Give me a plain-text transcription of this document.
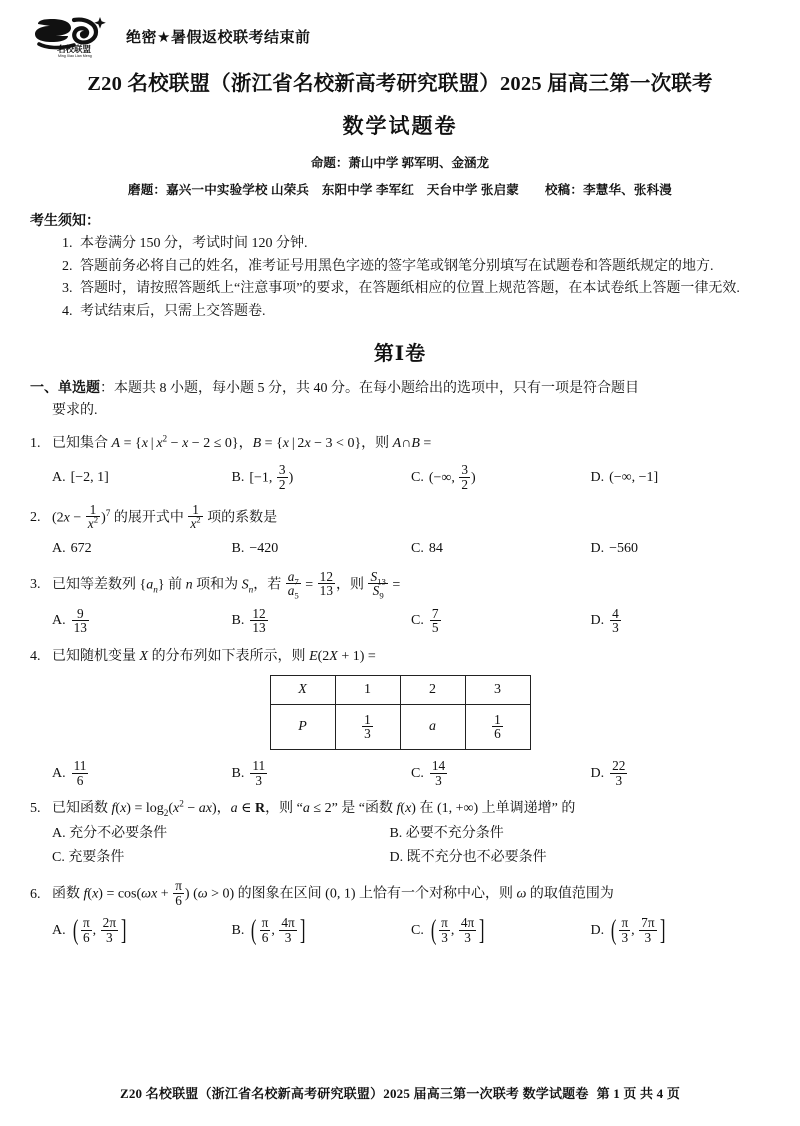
名校联盟
Ming Xiao Lian Meng
绝密★暑假返校联考结束前
Z20 名校联盟（浙江省名校新高考研究联盟）2025 届高三第一次联考
数学试题卷
命题：萧山中学 郭军明、金涵龙
磨题：嘉兴一中实验学校 山荣兵　东阳中学 李军红　天台中学 张启蒙 校稿：李慧华、张科漫
考生须知：
1. 本卷满分 150 分，考试时间 120 分钟.
2. 答题前务必将自己的姓名，准考证号用黑色字迹的签字笔或钢笔分别填写在试题卷和答题纸规定的地方.
3. 答题时，请按照答题纸上“注意事项”的要求，在答题纸相应的位置上规范答题，在本试卷纸上答题一律无效.
4. 考试结束后，只需上交答题卷.
第Ⅰ卷
一、单选题：本题共 8 小题，每小题 5 分，共 40 分。在每小题给出的选项中，只有一项是符合题目
要求的.
1. 已知集合 A = {x | $x^2 - x - 2 \le 0$}，B = {x | 2x − 3 < 0}，则 A∩B =
A. [−2, 1]	B. [−1, $\frac{3}{2}$ )	C. (−∞, $\frac{3}{2}$ )	D. (−∞, −1]
2. $(2x - \frac{1}{x^2} )^7$ 的展开式中 $\frac{1}{x^2}$ 项的系数是
A. 672	B. −420	C. 84	D. −560
3. 已知等差数列 $\{a_n\}$ 前 n 项和为 $S_n$，若 $\frac{a_7}{a_5} = \frac{12}{13}$ ，则 $\frac{S_{13}}{S_9}$ =
A. $\frac{9}{13}$	B. $\frac{12}{13}$	C. $\frac{7}{5}$	D. $\frac{4}{3}$
4. 已知随机变量 X 的分布列如下表所示，则 E(2X + 1) =
X	1	2	3
P	$\frac{1}{3}$	a	$\frac{1}{6}$
A. $\frac{11}{6}$	B. $\frac{11}{3}$	C. $\frac{14}{3}$	D. $\frac{22}{3}$
5. 已知函数 $f(x) = \log_2(x^2 - ax)$，a ∈ R，则 “a ≤ 2” 是 “函数 f(x) 在 (1, +∞) 上单调递增” 的
A. 充分不必要条件	B. 必要不充分条件
C. 充要条件	D. 既不充分也不必要条件
6. 函数 $f(x) = \cos(\omega x + \frac{\pi}{6}$ ) (ω > 0) 的图象在区间 (0, 1) 上恰有一个对称中心，则 ω 的取值范围为
A. ( $\frac{\pi}{6}$ , $\frac{2\pi}{3}$ ]	B. ( $\frac{\pi}{6}$ , $\frac{4\pi}{3}$ ]	C. ( $\frac{\pi}{3}$ , $\frac{4\pi}{3}$ ]	D. ( $\frac{\pi}{3}$ , $\frac{7\pi}{3}$ ]
Z20 名校联盟（浙江省名校新高考研究联盟）2025 届高三第一次联考 数学试题卷 第 1 页 共 4 页
